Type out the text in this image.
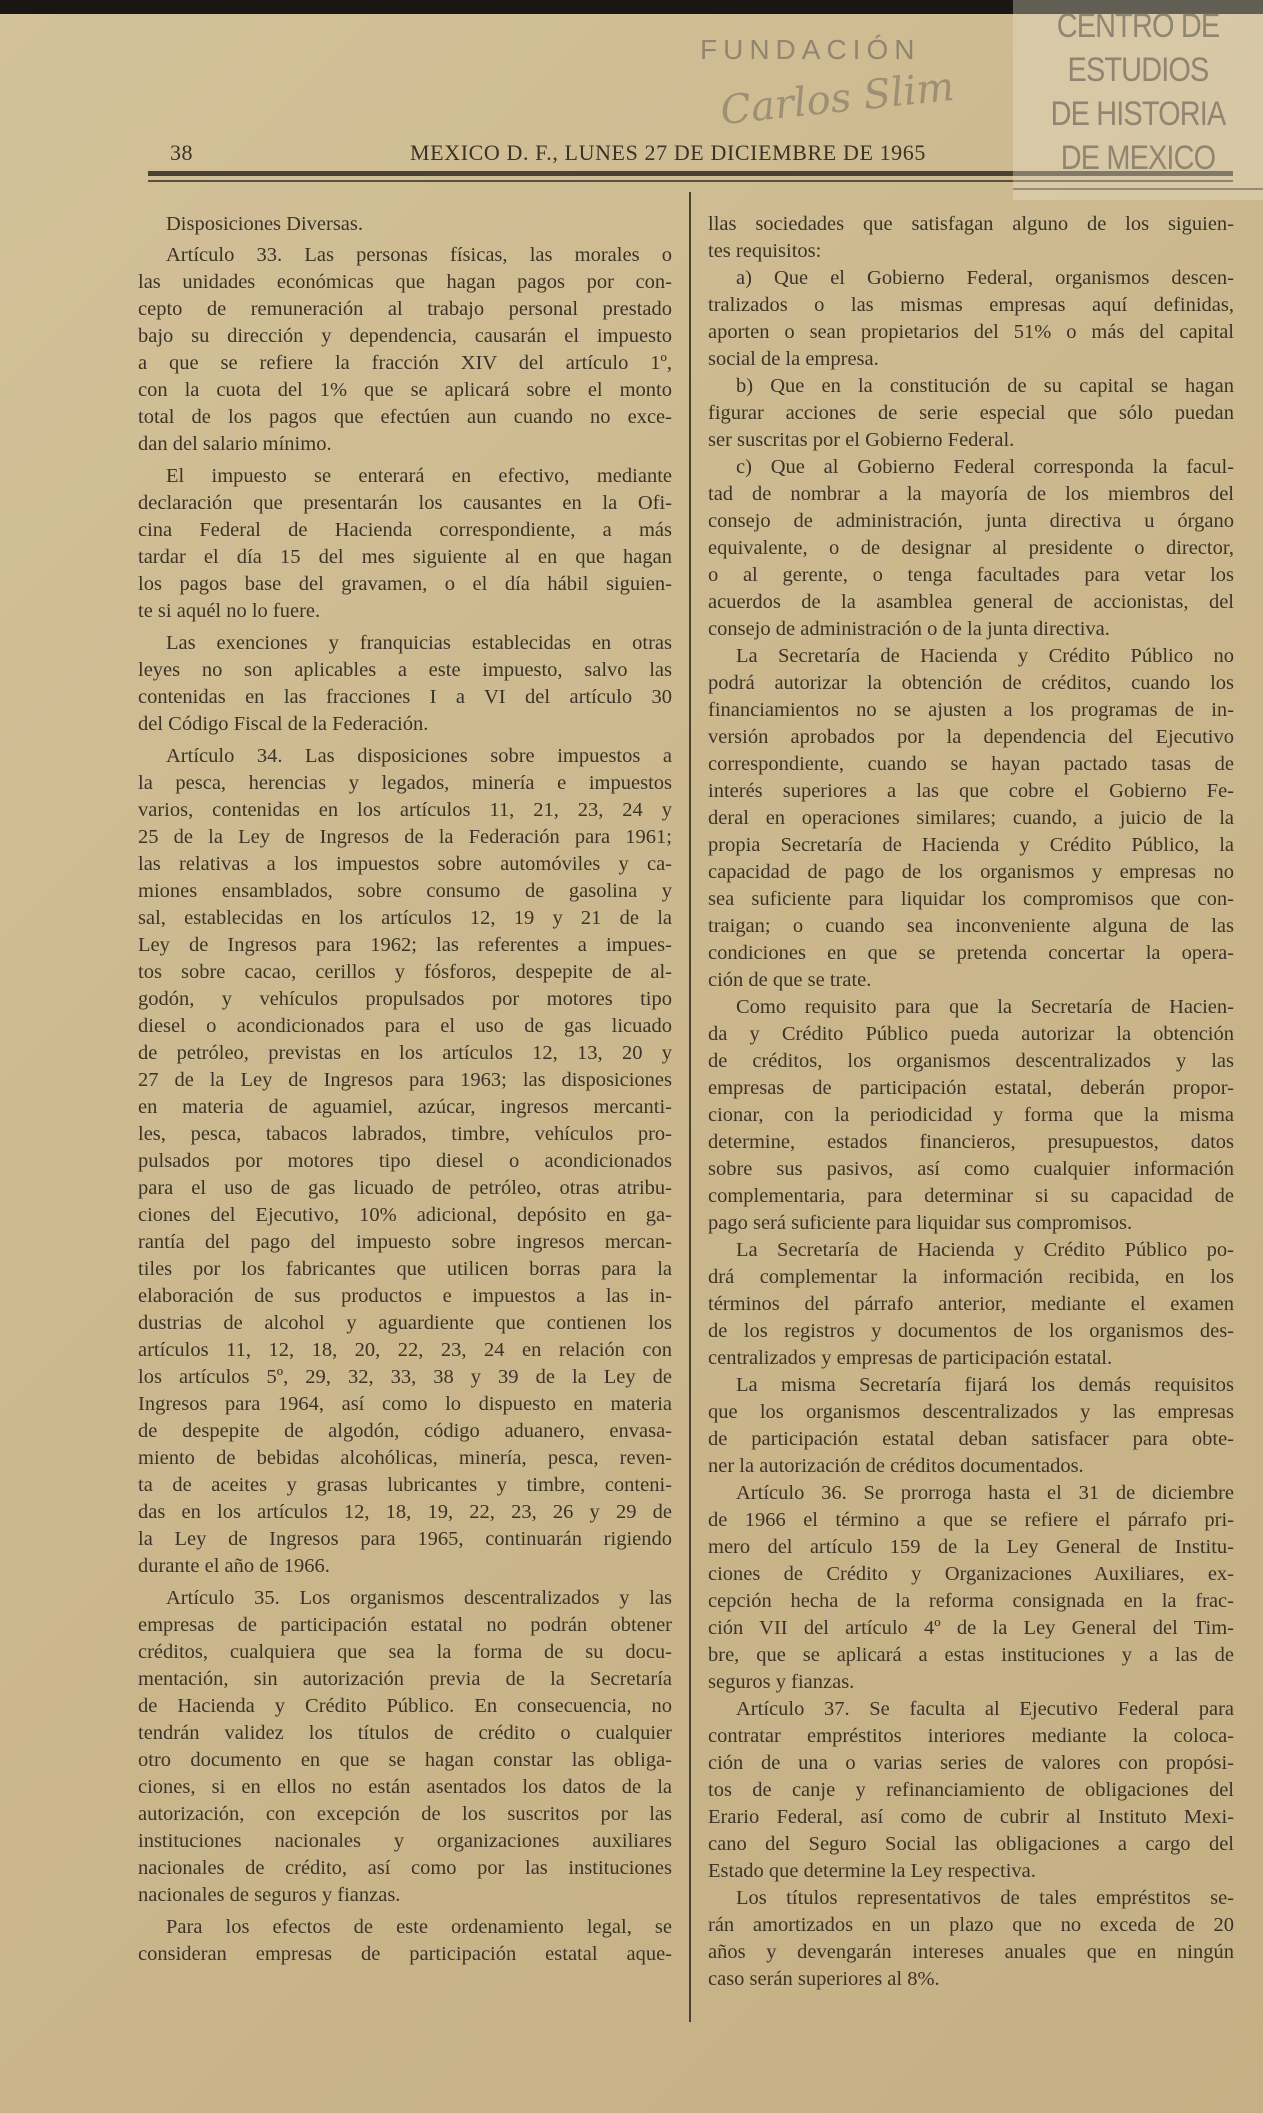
38	MEXICO D. F., LUNES 27 DE DICIEMBRE DE 1965
Disposiciones Diversas.
Artículo 33. Las personas físicas, las morales o
las unidades económicas que hagan pagos por con-
cepto de remuneración al trabajo personal prestado
bajo su dirección y dependencia, causarán el impuesto
a que se refiere la fracción XIV del artículo 1º,
con la cuota del 1% que se aplicará sobre el monto
total de los pagos que efectúen aun cuando no exce-
dan del salario mínimo.
El impuesto se enterará en efectivo, mediante
declaración que presentarán los causantes en la Ofi-
cina Federal de Hacienda correspondiente, a más
tardar el día 15 del mes siguiente al en que hagan
los pagos base del gravamen, o el día hábil siguien-
te si aquél no lo fuere.
Las exenciones y franquicias establecidas en otras
leyes no son aplicables a este impuesto, salvo las
contenidas en las fracciones I a VI del artículo 30
del Código Fiscal de la Federación.
Artículo 34. Las disposiciones sobre impuestos a
la pesca, herencias y legados, minería e impuestos
varios, contenidas en los artículos 11, 21, 23, 24 y
25 de la Ley de Ingresos de la Federación para 1961;
las relativas a los impuestos sobre automóviles y ca-
miones ensamblados, sobre consumo de gasolina y
sal, establecidas en los artículos 12, 19 y 21 de la
Ley de Ingresos para 1962; las referentes a impues-
tos sobre cacao, cerillos y fósforos, despepite de al-
godón, y vehículos propulsados por motores tipo
diesel o acondicionados para el uso de gas licuado
de petróleo, previstas en los artículos 12, 13, 20 y
27 de la Ley de Ingresos para 1963; las disposiciones
en materia de aguamiel, azúcar, ingresos mercanti-
les, pesca, tabacos labrados, timbre, vehículos pro-
pulsados por motores tipo diesel o acondicionados
para el uso de gas licuado de petróleo, otras atribu-
ciones del Ejecutivo, 10% adicional, depósito en ga-
rantía del pago del impuesto sobre ingresos mercan-
tiles por los fabricantes que utilicen borras para la
elaboración de sus productos e impuestos a las in-
dustrias de alcohol y aguardiente que contienen los
artículos 11, 12, 18, 20, 22, 23, 24 en relación con
los artículos 5º, 29, 32, 33, 38 y 39 de la Ley de
Ingresos para 1964, así como lo dispuesto en materia
de despepite de algodón, código aduanero, envasa-
miento de bebidas alcohólicas, minería, pesca, reven-
ta de aceites y grasas lubricantes y timbre, conteni-
das en los artículos 12, 18, 19, 22, 23, 26 y 29 de
la Ley de Ingresos para 1965, continuarán rigiendo
durante el año de 1966.
Artículo 35. Los organismos descentralizados y las
empresas de participación estatal no podrán obtener
créditos, cualquiera que sea la forma de su docu-
mentación, sin autorización previa de la Secretaría
de Hacienda y Crédito Público. En consecuencia, no
tendrán validez los títulos de crédito o cualquier
otro documento en que se hagan constar las obliga-
ciones, si en ellos no están asentados los datos de la
autorización, con excepción de los suscritos por las
instituciones nacionales y organizaciones auxiliares
nacionales de crédito, así como por las instituciones
nacionales de seguros y fianzas.
Para los efectos de este ordenamiento legal, se
consideran empresas de participación estatal aque-
llas sociedades que satisfagan alguno de los siguien-
tes requisitos:
a) Que el Gobierno Federal, organismos descen-
tralizados o las mismas empresas aquí definidas,
aporten o sean propietarios del 51% o más del capital
social de la empresa.
b) Que en la constitución de su capital se hagan
figurar acciones de serie especial que sólo puedan
ser suscritas por el Gobierno Federal.
c) Que al Gobierno Federal corresponda la facul-
tad de nombrar a la mayoría de los miembros del
consejo de administración, junta directiva u órgano
equivalente, o de designar al presidente o director,
o al gerente, o tenga facultades para vetar los
acuerdos de la asamblea general de accionistas, del
consejo de administración o de la junta directiva.
La Secretaría de Hacienda y Crédito Público no
podrá autorizar la obtención de créditos, cuando los
financiamientos no se ajusten a los programas de in-
versión aprobados por la dependencia del Ejecutivo
correspondiente, cuando se hayan pactado tasas de
interés superiores a las que cobre el Gobierno Fe-
deral en operaciones similares; cuando, a juicio de la
propia Secretaría de Hacienda y Crédito Público, la
capacidad de pago de los organismos y empresas no
sea suficiente para liquidar los compromisos que con-
traigan; o cuando sea inconveniente alguna de las
condiciones en que se pretenda concertar la opera-
ción de que se trate.
Como requisito para que la Secretaría de Hacien-
da y Crédito Público pueda autorizar la obtención
de créditos, los organismos descentralizados y las
empresas de participación estatal, deberán propor-
cionar, con la periodicidad y forma que la misma
determine, estados financieros, presupuestos, datos
sobre sus pasivos, así como cualquier información
complementaria, para determinar si su capacidad de
pago será suficiente para liquidar sus compromisos.
La Secretaría de Hacienda y Crédito Público po-
drá complementar la información recibida, en los
términos del párrafo anterior, mediante el examen
de los registros y documentos de los organismos des-
centralizados y empresas de participación estatal.
La misma Secretaría fijará los demás requisitos
que los organismos descentralizados y las empresas
de participación estatal deban satisfacer para obte-
ner la autorización de créditos documentados.
Artículo 36. Se prorroga hasta el 31 de diciembre
de 1966 el término a que se refiere el párrafo pri-
mero del artículo 159 de la Ley General de Institu-
ciones de Crédito y Organizaciones Auxiliares, ex-
cepción hecha de la reforma consignada en la frac-
ción VII del artículo 4º de la Ley General del Tim-
bre, que se aplicará a estas instituciones y a las de
seguros y fianzas.
Artículo 37. Se faculta al Ejecutivo Federal para
contratar empréstitos interiores mediante la coloca-
ción de una o varias series de valores con propósi-
tos de canje y refinanciamiento de obligaciones del
Erario Federal, así como de cubrir al Instituto Mexi-
cano del Seguro Social las obligaciones a cargo del
Estado que determine la Ley respectiva.
Los títulos representativos de tales empréstitos se-
rán amortizados en un plazo que no exceda de 20
años y devengarán intereses anuales que en ningún
caso serán superiores al 8%.
CENTRO DE
ESTUDIOS
DE HISTORIA
DE MEXICO
FUNDACIÓN
Carlos Slim
